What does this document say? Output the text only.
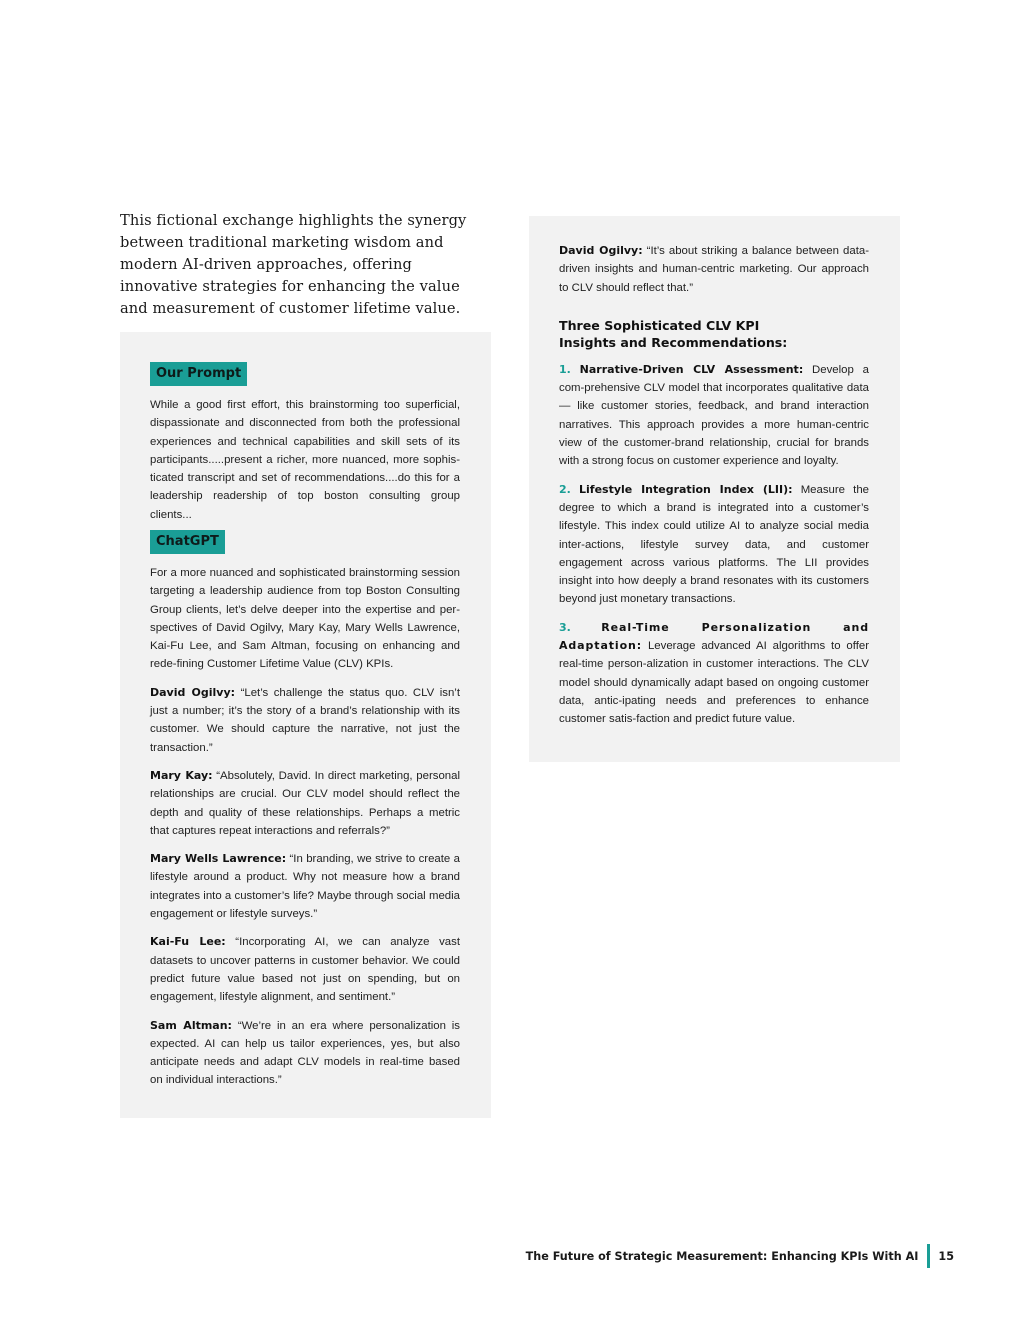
This fictional exchange highlights the synergy between traditional marketing wisdom and modern AI-driven approaches, offering innovative strategies for enhancing the value and measurement of customer lifetime value.

Our Prompt

While a good first effort, this brainstorming too superficial, dispassionate and disconnected from both the professional experiences and technical capabilities and skill sets of its participants.....present a richer, more nuanced, more sophis-ticated transcript and set of recommendations....do this for a leadership readership of top boston consulting group clients...

ChatGPT

For a more nuanced and sophisticated brainstorming session targeting a leadership audience from top Boston Consulting Group clients, let’s delve deeper into the expertise and per-spectives of David Ogilvy, Mary Kay, Mary Wells Lawrence, Kai-Fu Lee, and Sam Altman, focusing on enhancing and rede-fining Customer Lifetime Value (CLV) KPIs.

David Ogilvy: “Let’s challenge the status quo. CLV isn’t just a number; it’s the story of a brand’s relationship with its customer. We should capture the narrative, not just the transaction.”

Mary Kay: “Absolutely, David. In direct marketing, personal relationships are crucial. Our CLV model should reflect the depth and quality of these relationships. Perhaps a metric that captures repeat interactions and referrals?”

Mary Wells Lawrence: “In branding, we strive to create a lifestyle around a product. Why not measure how a brand integrates into a customer’s life? Maybe through social media engagement or lifestyle surveys.”

Kai-Fu Lee: “Incorporating AI, we can analyze vast datasets to uncover patterns in customer behavior. We could predict future value based not just on spending, but on engagement, lifestyle alignment, and sentiment.”

Sam Altman: “We’re in an era where personalization is expected. AI can help us tailor experiences, yes, but also anticipate needs and adapt CLV models in real-time based on individual interactions.”

David Ogilvy: “It’s about striking a balance between data-driven insights and human-centric marketing. Our approach to CLV should reflect that.”

Three Sophisticated CLV KPI Insights and Recommendations:

1. Narrative-Driven CLV Assessment: Develop a com-prehensive CLV model that incorporates qualitative data — like customer stories, feedback, and brand interaction narratives. This approach provides a more human-centric view of the customer-brand relationship, crucial for brands with a strong focus on customer experience and loyalty.

2. Lifestyle Integration Index (LII): Measure the degree to which a brand is integrated into a customer’s lifestyle. This index could utilize AI to analyze social media inter-actions, lifestyle survey data, and customer engagement across various platforms. The LII provides insight into how deeply a brand resonates with its customers beyond just monetary transactions.

3.	Real-Time Personalization and Adaptation: Leverage advanced AI algorithms to offer real-time person-alization in customer interactions. The CLV model should dynamically adapt based on ongoing customer data, antic-ipating needs and preferences to enhance customer satis-faction and predict future value.

The Future of Strategic Measurement: Enhancing KPIs With AI 15
